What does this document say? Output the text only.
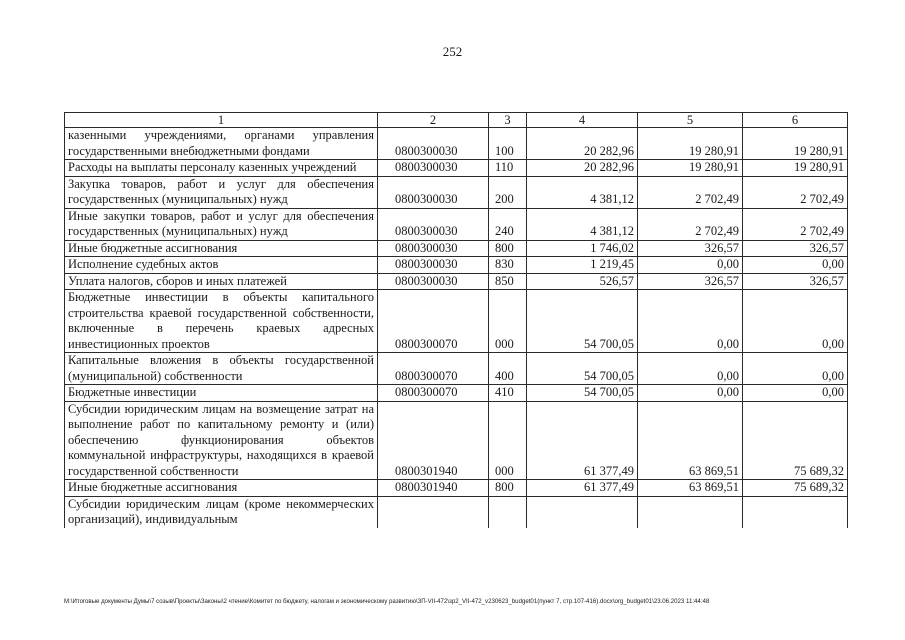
252
1	2	3	4	5	6
казенными учреждениями, органами управления государственными внебюджетными фондами	0800300030	100	20 282,96	19 280,91	19 280,91
Расходы на выплаты персоналу казенных учреждений	0800300030	110	20 282,96	19 280,91	19 280,91
Закупка товаров, работ и услуг для обеспечения государственных (муниципальных) нужд	0800300030	200	4 381,12	2 702,49	2 702,49
Иные закупки товаров, работ и услуг для обеспечения государственных (муниципальных) нужд	0800300030	240	4 381,12	2 702,49	2 702,49
Иные бюджетные ассигнования	0800300030	800	1 746,02	326,57	326,57
Исполнение судебных актов	0800300030	830	1 219,45	0,00	0,00
Уплата налогов, сборов и иных платежей	0800300030	850	526,57	326,57	326,57
Бюджетные инвестиции в объекты капитального строительства краевой государственной собственности, включенные в перечень краевых адресных инвестиционных проектов	0800300070	000	54 700,05	0,00	0,00
Капитальные вложения в объекты государственной (муниципальной) собственности	0800300070	400	54 700,05	0,00	0,00
Бюджетные инвестиции	0800300070	410	54 700,05	0,00	0,00
Субсидии юридическим лицам на возмещение затрат на выполнение работ по капитальному ремонту и (или) обеспечению функционирования объектов коммунальной инфраструктуры, находящихся в краевой государственной собственности	0800301940	000	61 377,49	63 869,51	75 689,32
Иные бюджетные ассигнования	0800301940	800	61 377,49	63 869,51	75 689,32
Субсидии юридическим лицам (кроме некоммерческих организаций), индивидуальным					
M:\Итоговые документы Думы\7 созыв\Проекты\Законы\2 чтение\Комитет по бюджету, налогам и экономическому развитию\ЗП-VII-472\зр2_VII-472_v230623_budget01(пункт 7, стр.107-416).docx\org_budget01\23.06.2023 11:44:48
